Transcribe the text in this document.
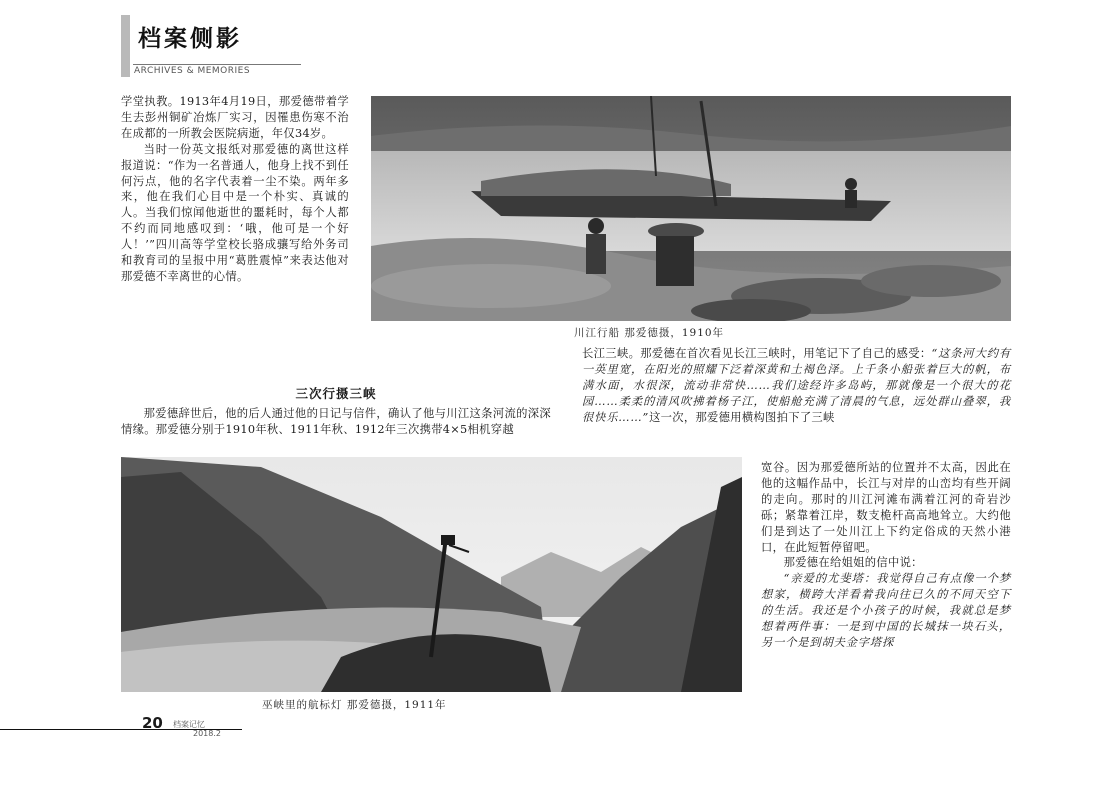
档案侧影
ARCHIVES & MEMORIES

学堂执教。1913年4月19日，那爱德带着学生去彭州铜矿冶炼厂实习，因罹患伤寒不治在成都的一所教会医院病逝，年仅34岁。

当时一份英文报纸对那爱德的离世这样报道说：“作为一名普通人，他身上找不到任何污点，他的名字代表着一尘不染。两年多来，他在我们心目中是一个朴实、真诚的人。当我们惊闻他逝世的噩耗时，每个人都不约而同地感叹到：‘哦，他可是一个好人！’”四川高等学堂校长骆成骧写给外务司和教育司的呈报中用“葛胜震悼”来表达他对那爱德不幸离世的心情。

三次行摄三峡
那爱德辞世后，他的后人通过他的日记与信件，确认了他与川江这条河流的深深情缘。那爱德分别于1910年秋、1911年秋、1912年三次携带4×5相机穿越
川江行船 那爱德摄，1910年

长江三峡。那爱德在首次看见长江三峡时，用笔记下了自己的感受：

“这条河大约有一英里宽，在阳光的照耀下泛着深黄和土褐色泽。上千条小船张着巨大的帆，布满水面，水很深，流动非常快……我们途经许多岛屿，那就像是一个很大的花园……柔柔的清风吹拂着杨子江，使船舱充满了清晨的气息，远处群山叠翠，我很快乐……”这一次，那爱德用横构图拍下了三峡
巫峡里的航标灯 那爱德摄，1911年

宽谷。因为那爱德所站的位置并不太高，因此在他的这幅作品中，长江与对岸的山峦均有些开阔的走向。那时的川江河滩布满着江河的奇岩沙砾；紧靠着江岸，数支桅杆高高地耸立。大约他们是到达了一处川江上下约定俗成的天然小港口，在此短暂停留吧。

那爱德在给姐姐的信中说：

“亲爱的尤斐塔：我觉得自己有点像一个梦想家，横跨大洋看着我向往已久的不同天空下的生活。我还是个小孩子的时候，我就总是梦想着两件事：一是到中国的长城抹一块石头，另一个是到胡夫金字塔探

20 档案记忆
2018.2
